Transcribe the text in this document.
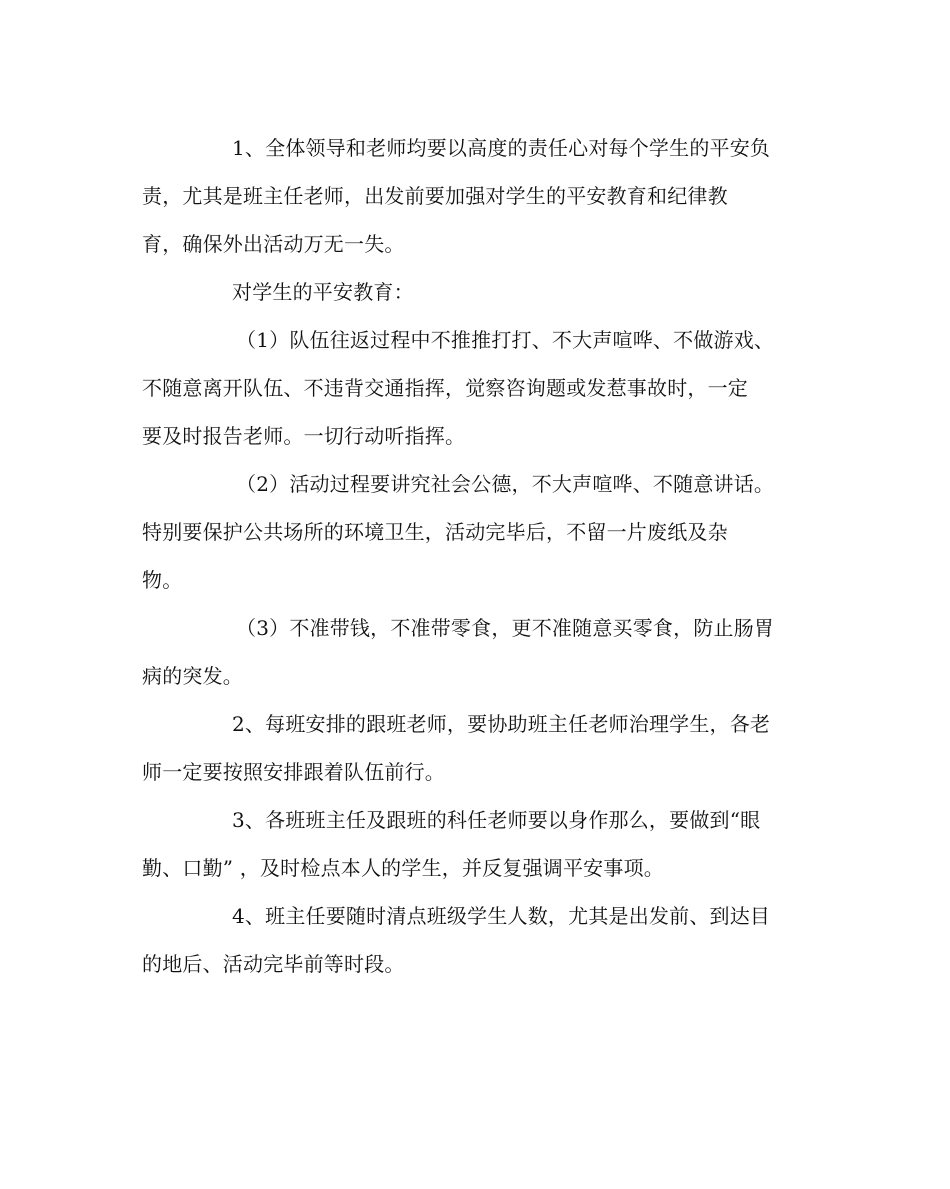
1、全体领导和老师均要以高度的责任心对每个学生的平安负
责，尤其是班主任老师，出发前要加强对学生的平安教育和纪律教
育，确保外出活动万无一失。
对学生的平安教育：
（1）队伍往返过程中不推推打打、不大声喧哗、不做游戏、
不随意离开队伍、不违背交通指挥，觉察咨询题或发惹事故时，一定
要及时报告老师。一切行动听指挥。
（2）活动过程要讲究社会公德，不大声喧哗、不随意讲话。
特别要保护公共场所的环境卫生，活动完毕后，不留一片废纸及杂
物。
（3）不准带钱，不准带零食，更不准随意买零食，防止肠胃
病的突发。
2、每班安排的跟班老师，要协助班主任老师治理学生，各老
师一定要按照安排跟着队伍前行。
3、各班班主任及跟班的科任老师要以身作那么，要做到“眼
勤、口勤” ，及时检点本人的学生，并反复强调平安事项。
4、班主任要随时清点班级学生人数，尤其是出发前、到达目
的地后、活动完毕前等时段。
